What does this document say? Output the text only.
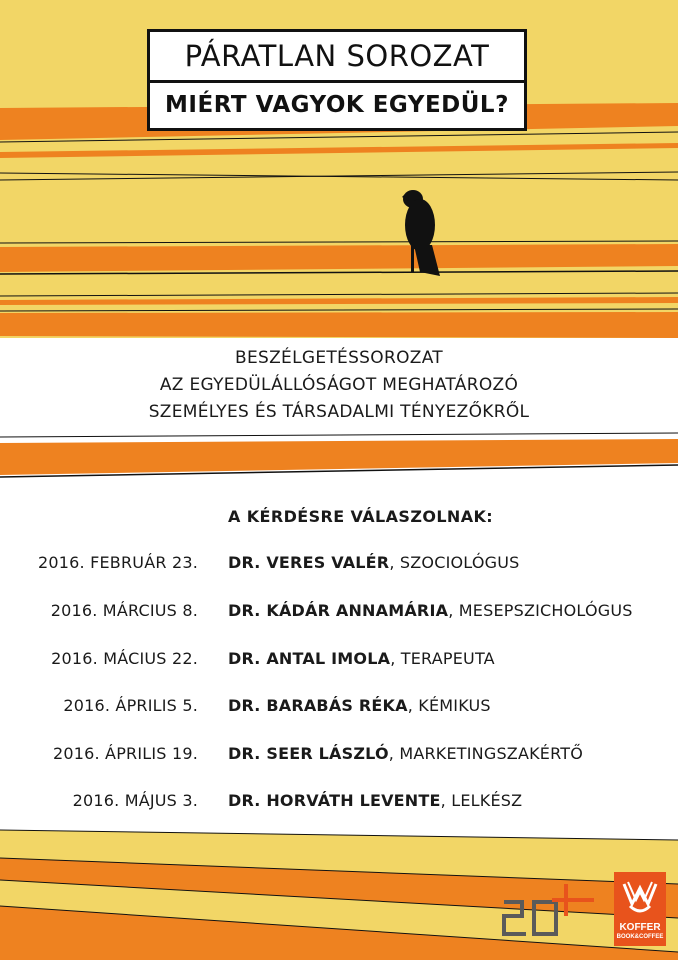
PÁRATLAN SOROZAT
MIÉRT VAGYOK EGYEDÜL?
BESZÉLGETÉSSOROZAT
AZ EGYEDÜLÁLLÓSÁGOT MEGHATÁROZÓ
SZEMÉLYES ÉS TÁRSADALMI TÉNYEZŐKRŐL
A KÉRDÉSRE VÁLASZOLNAK:
2016. FEBRUÁR 23. DR. VERES VALÉR, SZOCIOLÓGUS
2016. MÁRCIUS 8. DR. KÁDÁR ANNAMÁRIA, MESEPSZICHOLÓGUS
2016. MÁCIUS 22. DR. ANTAL IMOLA, TERAPEUTA
2016. ÁPRILIS 5. DR. BARABÁS RÉKA, KÉMIKUS
2016. ÁPRILIS 19. DR. SEER LÁSZLÓ, MARKETINGSZAKÉRTŐ
2016. MÁJUS 3. DR. HORVÁTH LEVENTE, LELKÉSZ
KOFFER
BOOK&COFFEE
